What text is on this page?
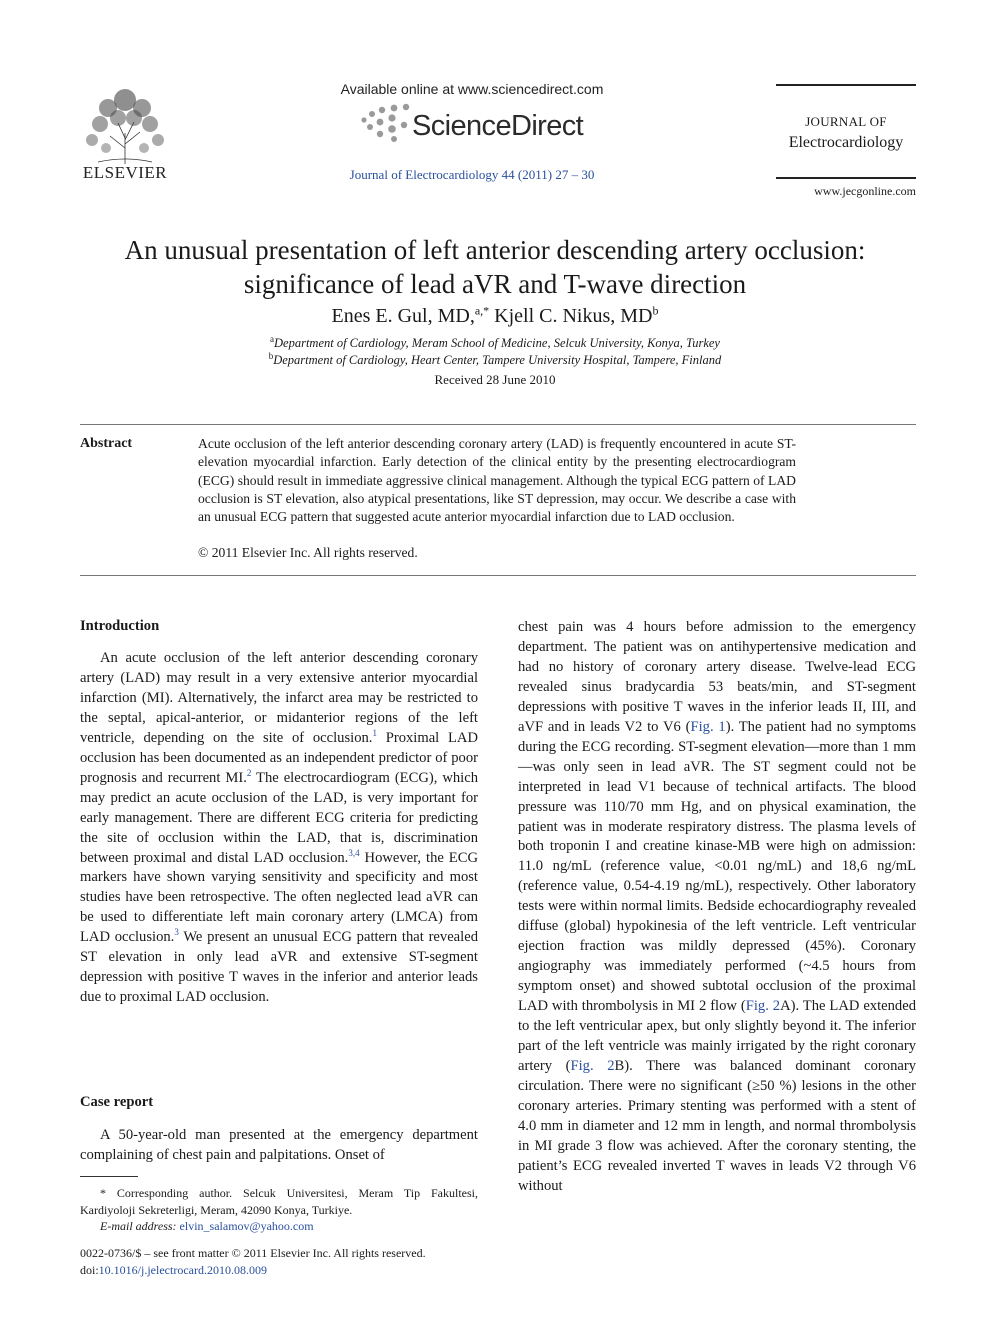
ELSEVIER
Available online at www.sciencedirect.com
ScienceDirect
Journal of Electrocardiology 44 (2011) 27 – 30
JOURNAL OF
Electrocardiology
www.jecgonline.com
An unusual presentation of left anterior descending artery occlusion:
significance of lead aVR and T-wave direction
Enes E. Gul, MD,$^{a,*}$ Kjell C. Nikus, $MD^b$
$^a$Department of Cardiology, Meram School of Medicine, Selcuk University, Konya, Turkey
$^b$Department of Cardiology, Heart Center, Tampere University Hospital, Tampere, Finland
Received 28 June 2010
Abstract	Acute occlusion of the left anterior descending coronary artery (LAD) is frequently encountered in acute ST-elevation myocardial infarction. Early detection of the clinical entity by the presenting electrocardiogram (ECG) should result in immediate aggressive clinical management. Although the typical ECG pattern of LAD occlusion is ST elevation, also atypical presentations, like ST depression, may occur. We describe a case with an unusual ECG pattern that suggested acute anterior myocardial infarction due to LAD occlusion.
© 2011 Elsevier Inc. All rights reserved.
Introduction

An acute occlusion of the left anterior descending coronary artery (LAD) may result in a very extensive anterior myocardial infarction (MI). Alternatively, the infarct area may be restricted to the septal, apical-anterior, or midanterior regions of the left ventricle, depending on the site of occlusion.$^1$ Proximal LAD occlusion has been documented as an independent predictor of poor prognosis and recurrent MI.$^2$ The electrocardiogram (ECG), which may predict an acute occlusion of the LAD, is very important for early management. There are different ECG criteria for predicting the site of occlusion within the LAD, that is, discrimination between proximal and distal LAD occlusion.$^{3,4}$ However, the ECG markers have shown varying sensitivity and specificity and most studies have been retrospective. The often neglected lead aVR can be used to differentiate left main coronary artery (LMCA) from LAD occlusion.$^3$ We present an unusual ECG pattern that revealed ST elevation in only lead aVR and extensive ST-segment depression with positive T waves in the inferior and anterior leads due to proximal LAD occlusion.

Case report

A 50-year-old man presented at the emergency department complaining of chest pain and palpitations. Onset of

* Corresponding author. Selcuk Universitesi, Meram Tip Fakultesi, Kardiyoloji Sekreterligi, Meram, 42090 Konya, Turkiye.

E-mail address: elvin_salamov@yahoo.com

0022-0736/$ – see front matter © 2011 Elsevier Inc. All rights reserved.
doi:10.1016/j.jelectrocard.2010.08.009

chest pain was 4 hours before admission to the emergency department. The patient was on antihypertensive medication and had no history of coronary artery disease. Twelve-lead ECG revealed sinus bradycardia 53 beats/min, and ST-segment depressions with positive T waves in the inferior leads II, III, and aVF and in leads V2 to V6 (Fig. 1). The patient had no symptoms during the ECG recording. ST-segment elevation—more than 1 mm—was only seen in lead aVR. The ST segment could not be interpreted in lead V1 because of technical artifacts. The blood pressure was 110/70 mm Hg, and on physical examination, the patient was in moderate respiratory distress. The plasma levels of both troponin I and creatine kinase-MB were high on admission: 11.0 ng/mL (reference value, <0.01 ng/mL) and 18,6 ng/mL (reference value, 0.54-4.19 ng/mL), respectively. Other laboratory tests were within normal limits. Bedside echocardiography revealed diffuse (global) hypokinesia of the left ventricle. Left ventricular ejection fraction was mildly depressed (45%). Coronary angiography was immediately performed (~4.5 hours from symptom onset) and showed subtotal occlusion of the proximal LAD with thrombolysis in MI 2 flow (Fig. 2A). The LAD extended to the left ventricular apex, but only slightly beyond it. The inferior part of the left ventricle was mainly irrigated by the right coronary artery (Fig. 2B). There was balanced dominant coronary circulation. There were no significant (≥50 %) lesions in the other coronary arteries. Primary stenting was performed with a stent of 4.0 mm in diameter and 12 mm in length, and normal thrombolysis in MI grade 3 flow was achieved. After the coronary stenting, the patient’s ECG revealed inverted T waves in leads V2 through V6 without
